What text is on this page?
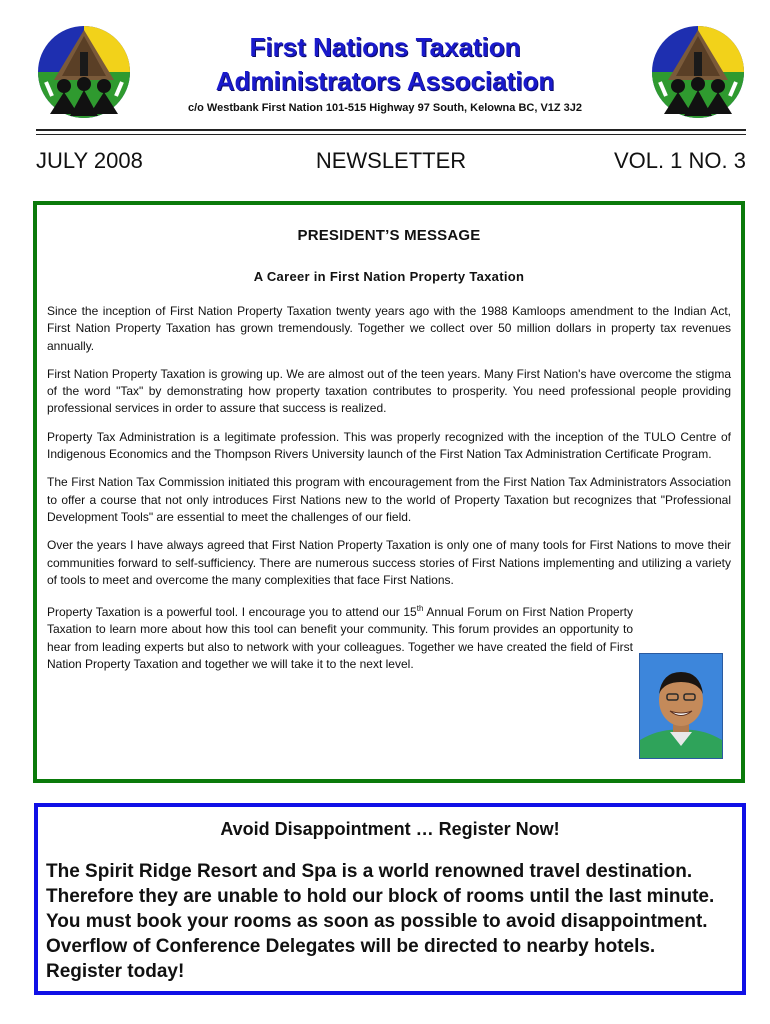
First Nations Taxation
Administrators Association
c/o Westbank First Nation 101-515 Highway 97 South, Kelowna BC, V1Z 3J2
NEWSLETTER
JULY 2008	VOL. 1 NO. 3
PRESIDENT’S MESSAGE
A Career in First Nation Property Taxation

Since the inception of First Nation Property Taxation twenty years ago with the 1988 Kamloops amendment to the Indian Act, First Nation Property Taxation has grown tremendously. Together we collect over 50 million dollars in property tax revenues annually.

First Nation Property Taxation is growing up. We are almost out of the teen years. Many First Nation's have overcome the stigma of the word "Tax" by demonstrating how property taxation contributes to prosperity. You need professional people providing professional services in order to assure that success is realized.

Property Tax Administration is a legitimate profession. This was properly recognized with the inception of the TULO Centre of Indigenous Economics and the Thompson Rivers University launch of the First Nation Tax Administration Certificate Program.

The First Nation Tax Commission initiated this program with encouragement from the First Nation Tax Administrators Association to offer a course that not only introduces First Nations new to the world of Property Taxation but recognizes that "Professional Development Tools" are essential to meet the challenges of our field.

Over the years I have always agreed that First Nation Property Taxation is only one of many tools for First Nations to move their communities forward to self-sufficiency. There are numerous success stories of First Nations implementing and utilizing a variety of tools to meet and overcome the many complexities that face First Nations.

Property Taxation is a powerful tool. I encourage you to attend our 15th Annual Forum on First Nation Property Taxation to learn more about how this tool can benefit your community. This forum provides an opportunity to hear from leading experts but also to network with your colleagues. Together we have created the field of First Nation Property Taxation and together we will take it to the next level.

Avoid Disappointment … Register Now!

The Spirit Ridge Resort and Spa is a world renowned travel destination. Therefore they are unable to hold our block of rooms until the last minute. You must book your rooms as soon as possible to avoid disappointment. Overflow of Conference Delegates will be directed to nearby hotels. Register today!
